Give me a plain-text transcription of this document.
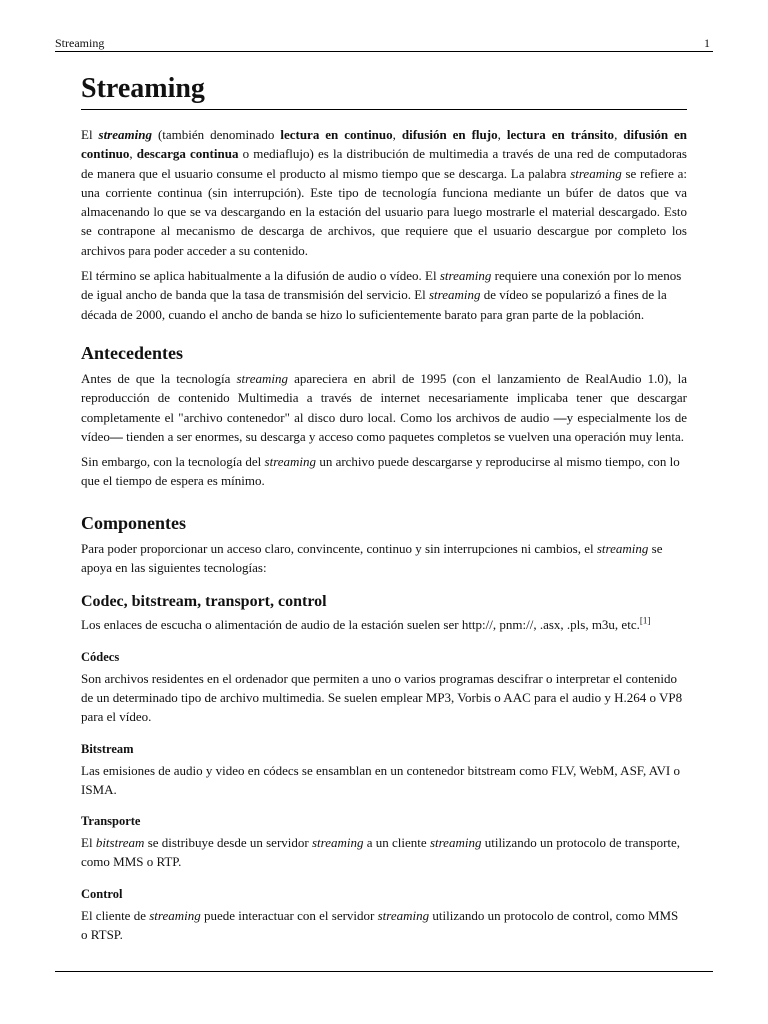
Streaming	1
Streaming

El streaming (también denominado lectura en continuo, difusión en flujo, lectura en tránsito, difusión en continuo, descarga continua o mediaflujo) es la distribución de multimedia a través de una red de computadoras de manera que el usuario consume el producto al mismo tiempo que se descarga. La palabra streaming se refiere a: una corriente continua (sin interrupción). Este tipo de tecnología funciona mediante un búfer de datos que va almacenando lo que se va descargando en la estación del usuario para luego mostrarle el material descargado. Esto se contrapone al mecanismo de descarga de archivos, que requiere que el usuario descargue por completo los archivos para poder acceder a su contenido.

El término se aplica habitualmente a la difusión de audio o vídeo. El streaming requiere una conexión por lo menos de igual ancho de banda que la tasa de transmisión del servicio. El streaming de vídeo se popularizó a fines de la década de 2000, cuando el ancho de banda se hizo lo suficientemente barato para gran parte de la población.

Antecedentes

Antes de que la tecnología streaming apareciera en abril de 1995 (con el lanzamiento de RealAudio 1.0), la reproducción de contenido Multimedia a través de internet necesariamente implicaba tener que descargar completamente el "archivo contenedor" al disco duro local. Como los archivos de audio —y especialmente los de vídeo— tienden a ser enormes, su descarga y acceso como paquetes completos se vuelven una operación muy lenta.

Sin embargo, con la tecnología del streaming un archivo puede descargarse y reproducirse al mismo tiempo, con lo que el tiempo de espera es mínimo.

Componentes

Para poder proporcionar un acceso claro, convincente, continuo y sin interrupciones ni cambios, el streaming se apoya en las siguientes tecnologías:

Codec, bitstream, transport, control

Los enlaces de escucha o alimentación de audio de la estación suelen ser http://, pnm://, .asx, .pls, m3u, etc.[1]

Códecs

Son archivos residentes en el ordenador que permiten a uno o varios programas descifrar o interpretar el contenido de un determinado tipo de archivo multimedia. Se suelen emplear MP3, Vorbis o AAC para el audio y H.264 o VP8 para el vídeo.

Bitstream

Las emisiones de audio y video en códecs se ensamblan en un contenedor bitstream como FLV, WebM, ASF, AVI o ISMA.

Transporte

El bitstream se distribuye desde un servidor streaming a un cliente streaming utilizando un protocolo de transporte, como MMS o RTP.

Control

El cliente de streaming puede interactuar con el servidor streaming utilizando un protocolo de control, como MMS o RTSP.
